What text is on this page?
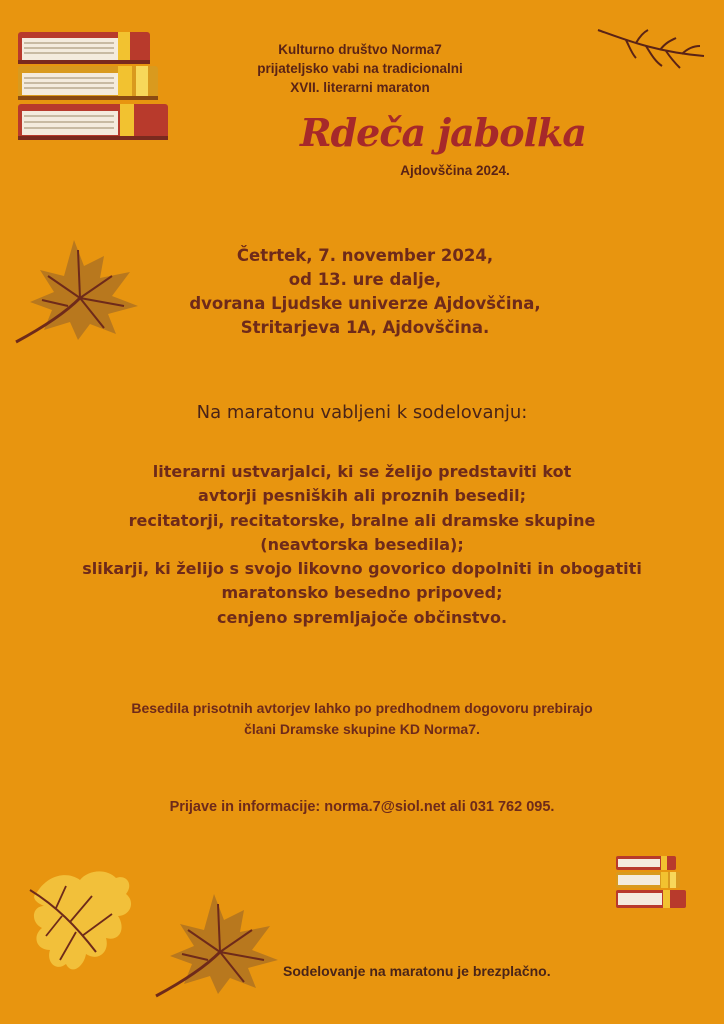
Kulturno društvo Norma7
prijateljsko vabi na tradicionalni
XVII. literarni maraton
Rdeča jabolka
Ajdovščina 2024.
Četrtek, 7. november 2024,
od 13. ure dalje,
dvorana Ljudske univerze Ajdovščina,
Stritarjeva 1A, Ajdovščina.
Na maratonu vabljeni k sodelovanju:
literarni ustvarjalci, ki se želijo predstaviti kot
avtorji pesniških ali proznih besedil;
recitatorji, recitatorske, bralne ali dramske skupine
(neavtorska besedila);
slikarji, ki želijo s svojo likovno govorico dopolniti in obogatiti
maratonsko besedno pripoved;
cenjeno spremljajoče občinstvo.
Besedila prisotnih avtorjev lahko po predhodnem dogovoru prebirajo
člani Dramske skupine KD Norma7.
Prijave in informacije: norma.7@siol.net ali 031 762 095.
Sodelovanje na maratonu je brezplačno.
